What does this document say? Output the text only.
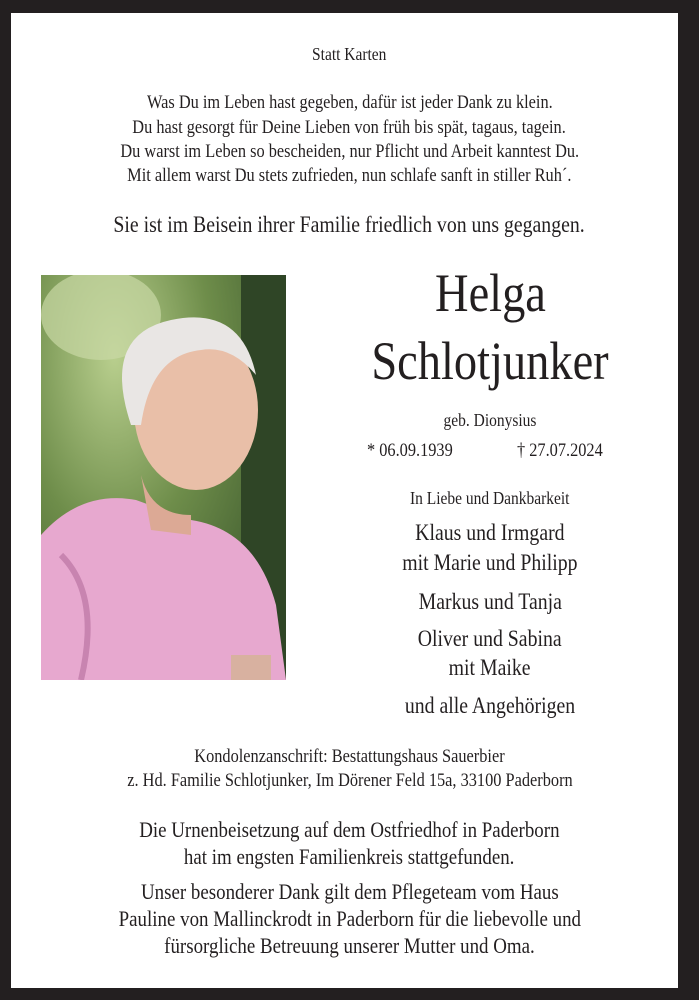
Statt Karten
Was Du im Leben hast gegeben, dafür ist jeder Dank zu klein.
Du hast gesorgt für Deine Lieben von früh bis spät, tagaus, tagein.
Du warst im Leben so bescheiden, nur Pflicht und Arbeit kanntest Du.
Mit allem warst Du stets zufrieden, nun schlafe sanft in stiller Ruh´.
Sie ist im Beisein ihrer Familie friedlich von uns gegangen.
Helga
Schlotjunker
geb. Dionysius
* 06.09.1939	† 27.07.2024
In Liebe und Dankbarkeit
Klaus und Irmgard
mit Marie und Philipp
Markus und Tanja
Oliver und Sabina
mit Maike
und alle Angehörigen
Kondolenzanschrift: Bestattungshaus Sauerbier
z. Hd. Familie Schlotjunker, Im Dörener Feld 15a, 33100 Paderborn
Die Urnenbeisetzung auf dem Ostfriedhof in Paderborn
hat im engsten Familienkreis stattgefunden.
Unser besonderer Dank gilt dem Pflegeteam vom Haus
Pauline von Mallinckrodt in Paderborn für die liebevolle und
fürsorgliche Betreuung unserer Mutter und Oma.
